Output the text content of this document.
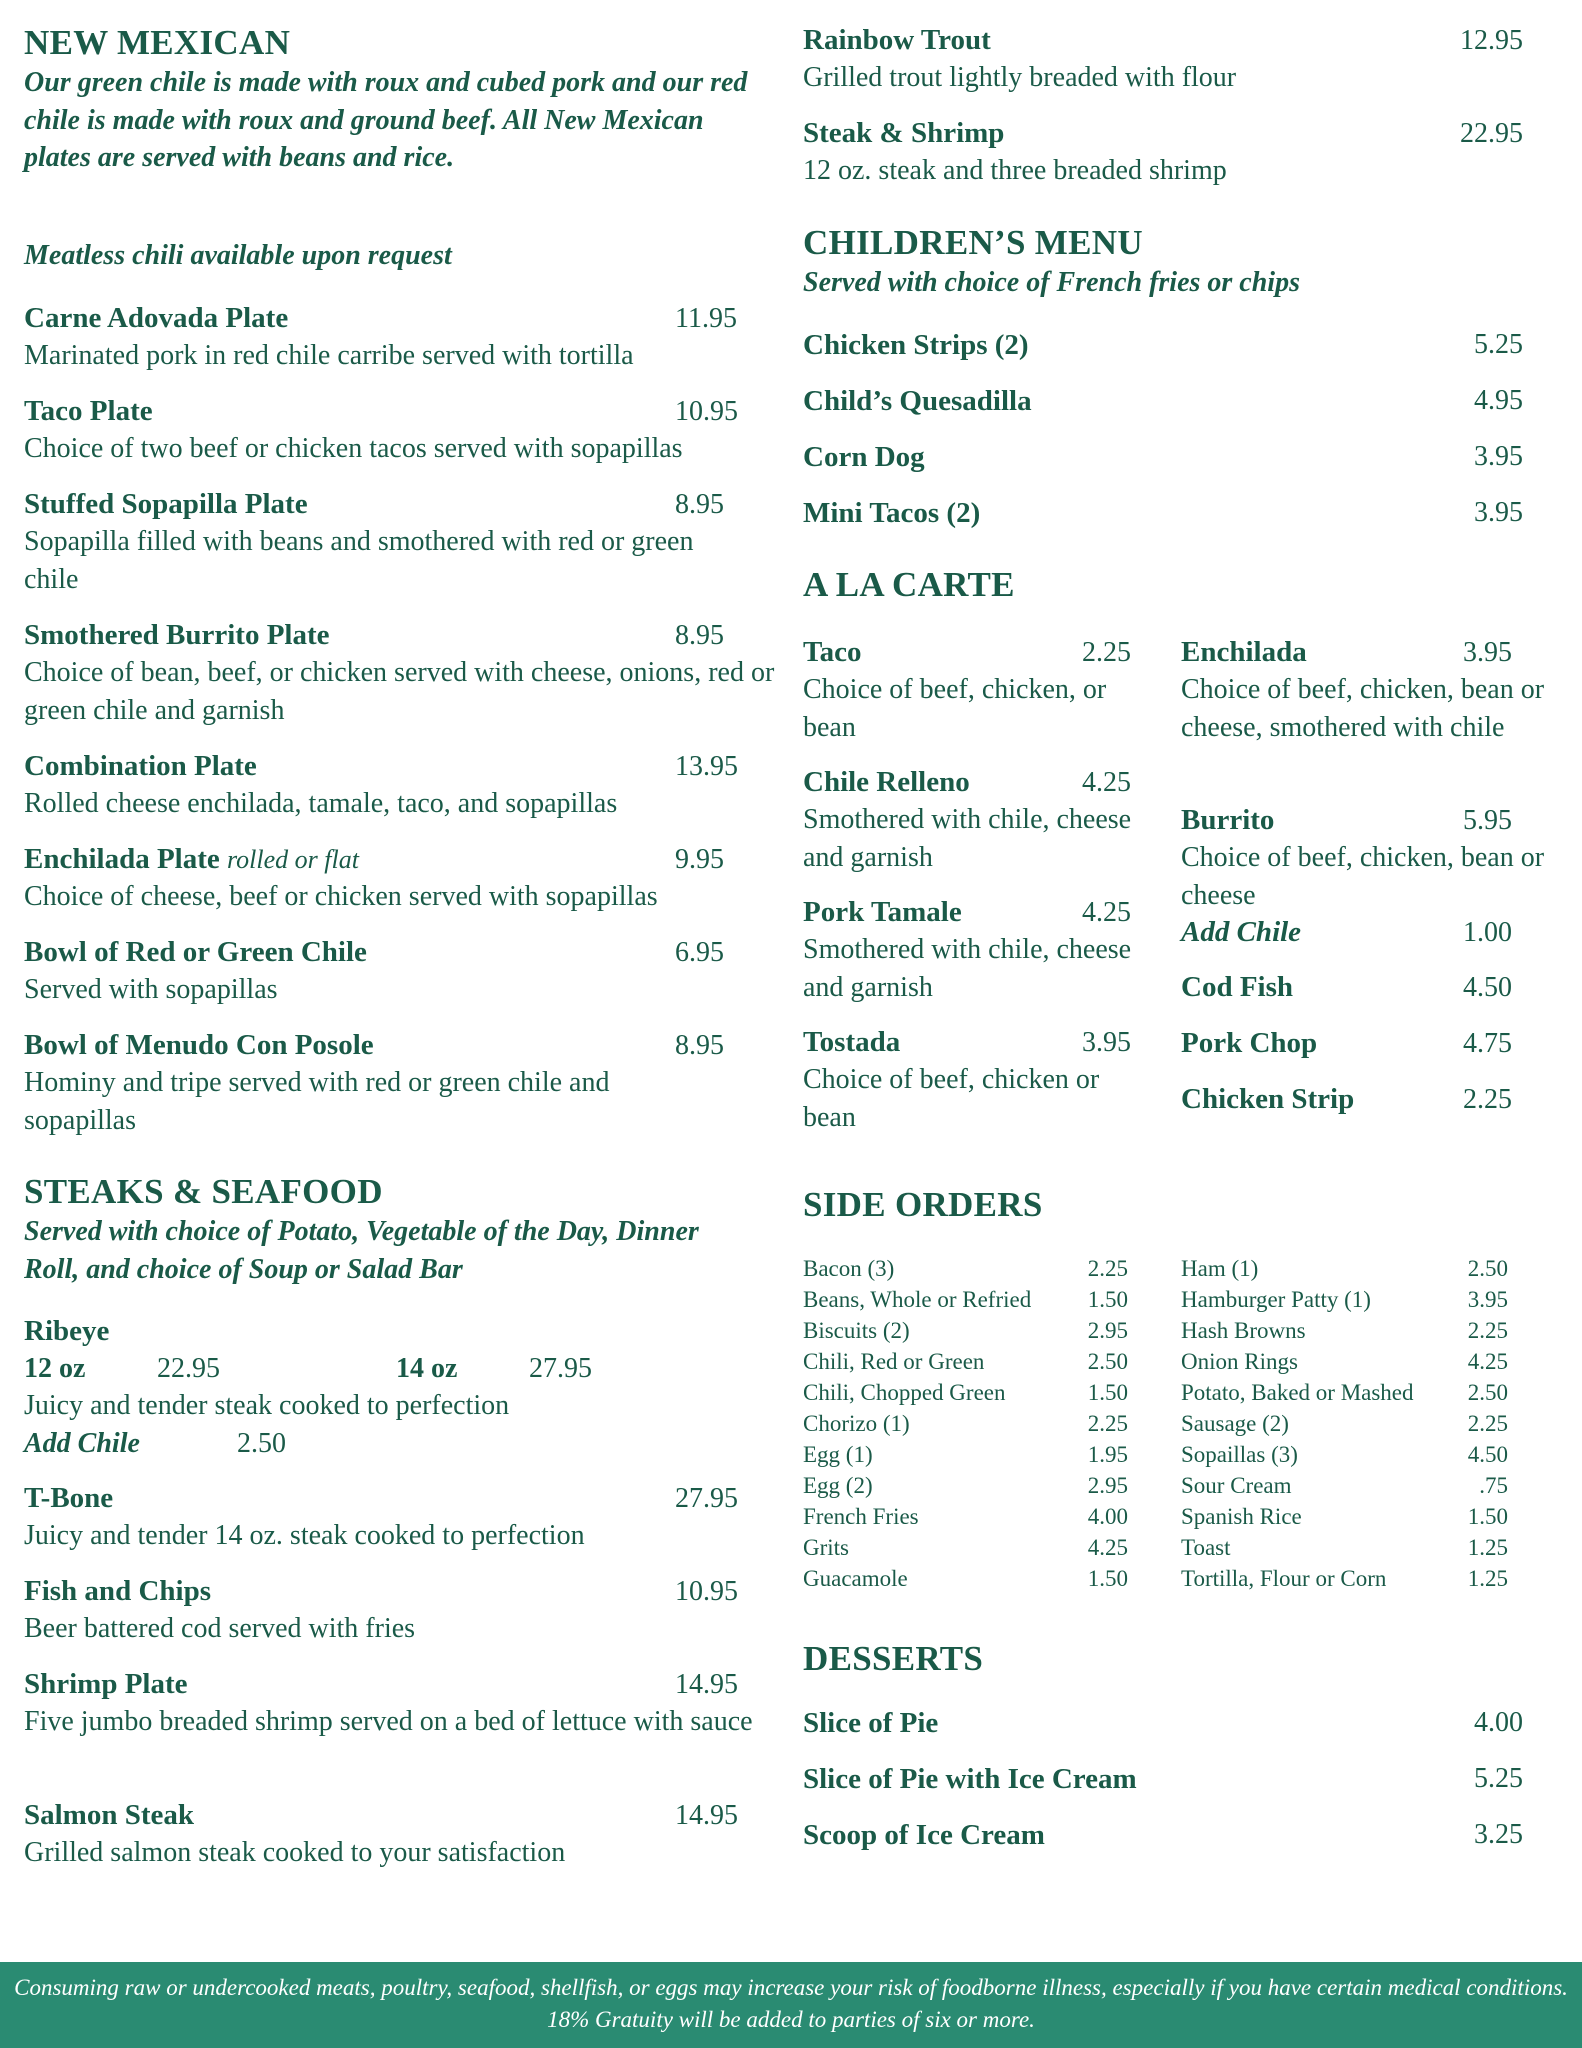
NEW MEXICAN
Our green chile is made with roux and cubed pork and our red chile is made with roux and ground beef. All New Mexican plates are served with beans and rice.
Meatless chili available upon request
Carne Adovada Plate	11.95
Marinated pork in red chile carribe served with tortilla
Taco Plate	10.95
Choice of two beef or chicken tacos served with sopapillas
Stuffed Sopapilla Plate	8.95
Sopapilla filled with beans and smothered with red or green chile
Smothered Burrito Plate	8.95
Choice of bean, beef, or chicken served with cheese, onions, red or green chile and garnish
Combination Plate	13.95
Rolled cheese enchilada, tamale, taco, and sopapillas
Enchilada Plate rolled or flat	9.95
Choice of cheese, beef or chicken served with sopapillas
Bowl of Red or Green Chile	6.95
Served with sopapillas
Bowl of Menudo Con Posole	8.95
Hominy and tripe served with red or green chile and sopapillas
STEAKS & SEAFOOD
Served with choice of Potato, Vegetable of the Day, Dinner Roll, and choice of Soup or Salad Bar
Ribeye
12 oz	22.95	14 oz	27.95
Juicy and tender steak cooked to perfection
Add Chile	2.50
T-Bone	27.95
Juicy and tender 14 oz. steak cooked to perfection
Fish and Chips	10.95
Beer battered cod served with fries
Shrimp Plate	14.95
Five jumbo breaded shrimp served on a bed of lettuce with sauce
Salmon Steak	14.95
Grilled salmon steak cooked to your satisfaction
Rainbow Trout	12.95
Grilled trout lightly breaded with flour
Steak & Shrimp	22.95
12 oz. steak and three breaded shrimp
CHILDREN’S MENU
Served with choice of French fries or chips
Chicken Strips (2)	5.25
Child’s Quesadilla	4.95
Corn Dog	3.95
Mini Tacos (2)	3.95
A LA CARTE
Taco	2.25
Choice of beef, chicken, or bean
Chile Relleno	4.25
Smothered with chile, cheese and garnish
Pork Tamale	4.25
Smothered with chile, cheese and garnish
Tostada	3.95
Choice of beef, chicken or bean
Enchilada	3.95
Choice of beef, chicken, bean or cheese, smothered with chile
Burrito	5.95
Choice of beef, chicken, bean or cheese
Add Chile	1.00
Cod Fish	4.50
Pork Chop	4.75
Chicken Strip	2.25
SIDE ORDERS
Bacon (3)	2.25
Beans, Whole or Refried	1.50
Biscuits (2)	2.95
Chili, Red or Green	2.50
Chili, Chopped Green	1.50
Chorizo (1)	2.25
Egg (1)	1.95
Egg (2)	2.95
French Fries	4.00
Grits	4.25
Guacamole	1.50
Ham (1)	2.50
Hamburger Patty (1)	3.95
Hash Browns	2.25
Onion Rings	4.25
Potato, Baked or Mashed	2.50
Sausage (2)	2.25
Sopaillas (3)	4.50
Sour Cream	.75
Spanish Rice	1.50
Toast	1.25
Tortilla, Flour or Corn	1.25
DESSERTS
Slice of Pie	4.00
Slice of Pie with Ice Cream	5.25
Scoop of Ice Cream	3.25
Consuming raw or undercooked meats, poultry, seafood, shellfish, or eggs may increase your risk of foodborne illness, especially if you have certain medical conditions.
18% Gratuity will be added to parties of six or more.
